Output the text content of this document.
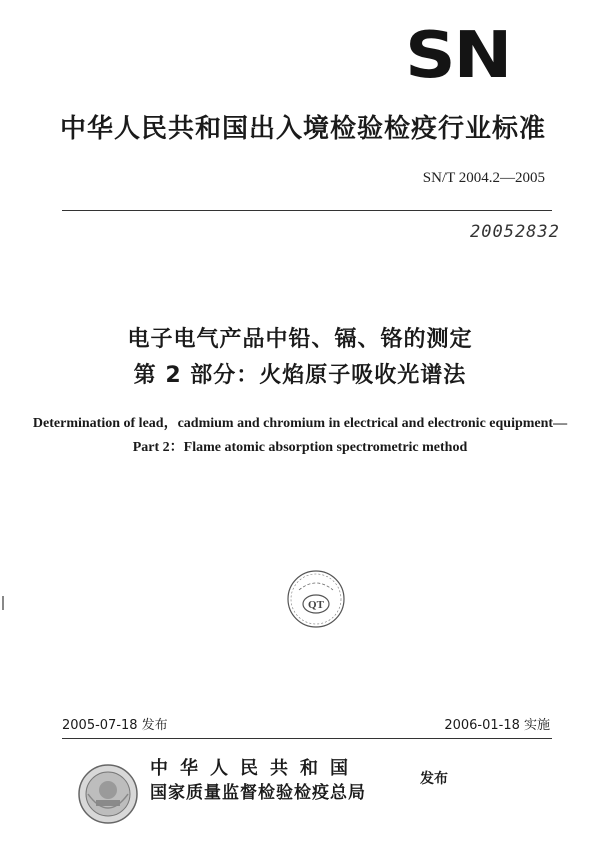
SN
中华人民共和国出入境检验检疫行业标准
SN/T 2004.2—2005
20052832
电子电气产品中铅、镉、铬的测定
第 2 部分：火焰原子吸收光谱法
Determination of lead，cadmium and chromium in electrical and electronic equipment—
Part 2：Flame atomic absorption spectrometric method
QT
2005-07-18 发布	2006-01-18 实施
中华人民共和国
国家质量监督检验检疫总局
发布
